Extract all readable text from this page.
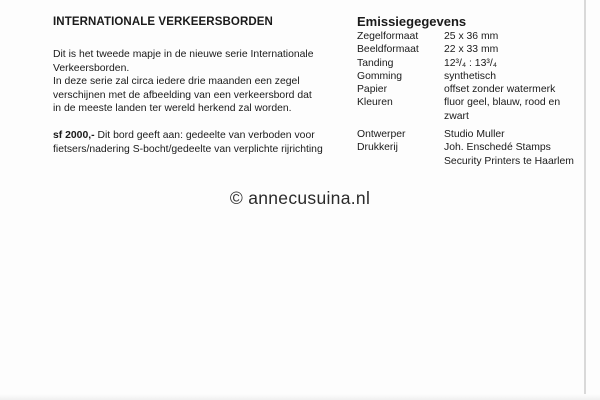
INTERNATIONALE VERKEERSBORDEN

Dit is het tweede mapje in de nieuwe serie Internationale

Verkeersborden.

In deze serie zal circa iedere drie maanden een zegel

verschijnen met de afbeelding van een verkeersbord dat

in de meeste landen ter wereld herkend zal worden.

sf 2000,- Dit bord geeft aan: gedeelte van verboden voor

fietsers/nadering S-bocht/gedeelte van verplichte rijrichting

Emissiegegevens
Zegelformaat	25 x 36 mm
Beeldformaat	22 x 33 mm
Tanding	12³/₄ : 13³/₄
Gomming	synthetisch
Papier	offset zonder watermerk
Kleuren	fluor geel, blauw, rood en zwart
Ontwerper	Studio Muller
Drukkerij	Joh. Enschedé Stamps Security Printers te Haarlem
© annecusuina.nl
